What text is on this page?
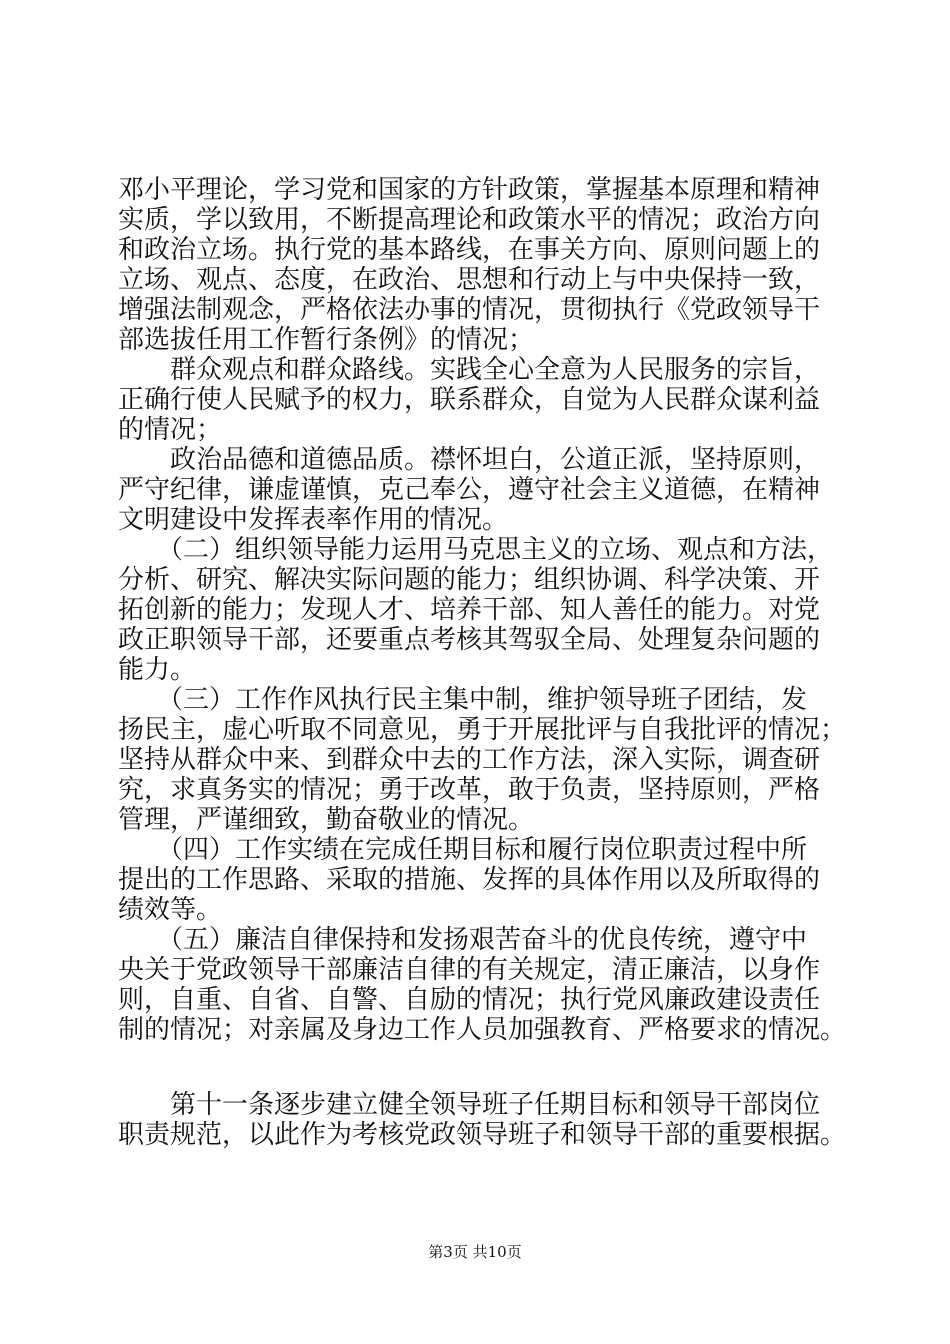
邓小平理论，学习党和国家的方针政策，掌握基本原理和精神

实质，学以致用，不断提高理论和政策水平的情况；政治方向

和政治立场。执行党的基本路线，在事关方向、原则问题上的

立场、观点、态度，在政治、思想和行动上与中央保持一致，

增强法制观念，严格依法办事的情况，贯彻执行《党政领导干

部选拔任用工作暂行条例》的情况；

　　群众观点和群众路线。实践全心全意为人民服务的宗旨，

正确行使人民赋予的权力，联系群众，自觉为人民群众谋利益

的情况；

　　政治品德和道德品质。襟怀坦白，公道正派，坚持原则，

严守纪律，谦虚谨慎，克己奉公，遵守社会主义道德，在精神

文明建设中发挥表率作用的情况。

　　（二）组织领导能力运用马克思主义的立场、观点和方法，

分析、研究、解决实际问题的能力；组织协调、科学决策、开

拓创新的能力；发现人才、培养干部、知人善任的能力。对党

政正职领导干部，还要重点考核其驾驭全局、处理复杂问题的

能力。

　　（三）工作作风执行民主集中制，维护领导班子团结，发

扬民主，虚心听取不同意见，勇于开展批评与自我批评的情况；

坚持从群众中来、到群众中去的工作方法，深入实际，调查研

究，求真务实的情况；勇于改革，敢于负责，坚持原则，严格

管理，严谨细致，勤奋敬业的情况。

　　（四）工作实绩在完成任期目标和履行岗位职责过程中所

提出的工作思路、采取的措施、发挥的具体作用以及所取得的

绩效等。

　　（五）廉洁自律保持和发扬艰苦奋斗的优良传统，遵守中

央关于党政领导干部廉洁自律的有关规定，清正廉洁，以身作

则，自重、自省、自警、自励的情况；执行党风廉政建设责任

制的情况；对亲属及身边工作人员加强教育、严格要求的情况。

　　第十一条逐步建立健全领导班子任期目标和领导干部岗位

职责规范，以此作为考核党政领导班子和领导干部的重要根据。

第3页 共10页
